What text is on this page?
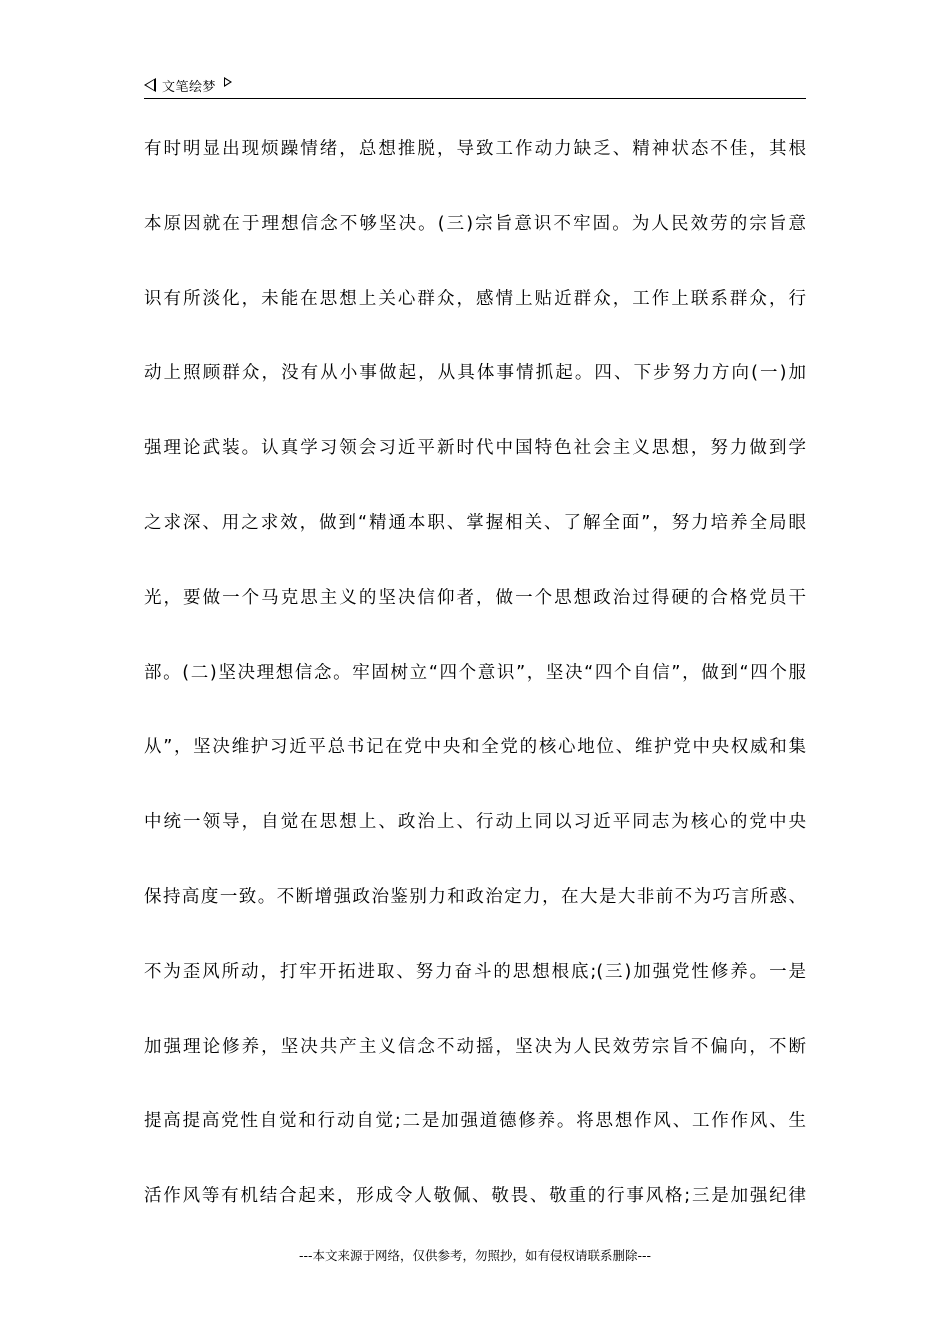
文笔绘梦
有时明显出现烦躁情绪，总想推脱，导致工作动力缺乏、精神状态不佳，其根
本原因就在于理想信念不够坚决。(三)宗旨意识不牢固。为人民效劳的宗旨意
识有所淡化，未能在思想上关心群众，感情上贴近群众，工作上联系群众，行
动上照顾群众，没有从小事做起，从具体事情抓起。四、下步努力方向(一)加
强理论武装。认真学习领会习近平新时代中国特色社会主义思想，努力做到学
之求深、用之求效，做到“精通本职、掌握相关、了解全面”，努力培养全局眼
光，要做一个马克思主义的坚决信仰者，做一个思想政治过得硬的合格党员干
部。(二)坚决理想信念。牢固树立“四个意识”，坚决“四个自信”，做到“四个服
从”，坚决维护习近平总书记在党中央和全党的核心地位、维护党中央权威和集
中统一领导，自觉在思想上、政治上、行动上同以习近平同志为核心的党中央
保持高度一致。不断增强政治鉴别力和政治定力，在大是大非前不为巧言所惑、
不为歪风所动，打牢开拓进取、努力奋斗的思想根底;(三)加强党性修养。一是
加强理论修养，坚决共产主义信念不动摇，坚决为人民效劳宗旨不偏向，不断
提高提高党性自觉和行动自觉;二是加强道德修养。将思想作风、工作作风、生
活作风等有机结合起来，形成令人敬佩、敬畏、敬重的行事风格;三是加强纪律
---本文来源于网络，仅供参考，勿照抄，如有侵权请联系删除---
